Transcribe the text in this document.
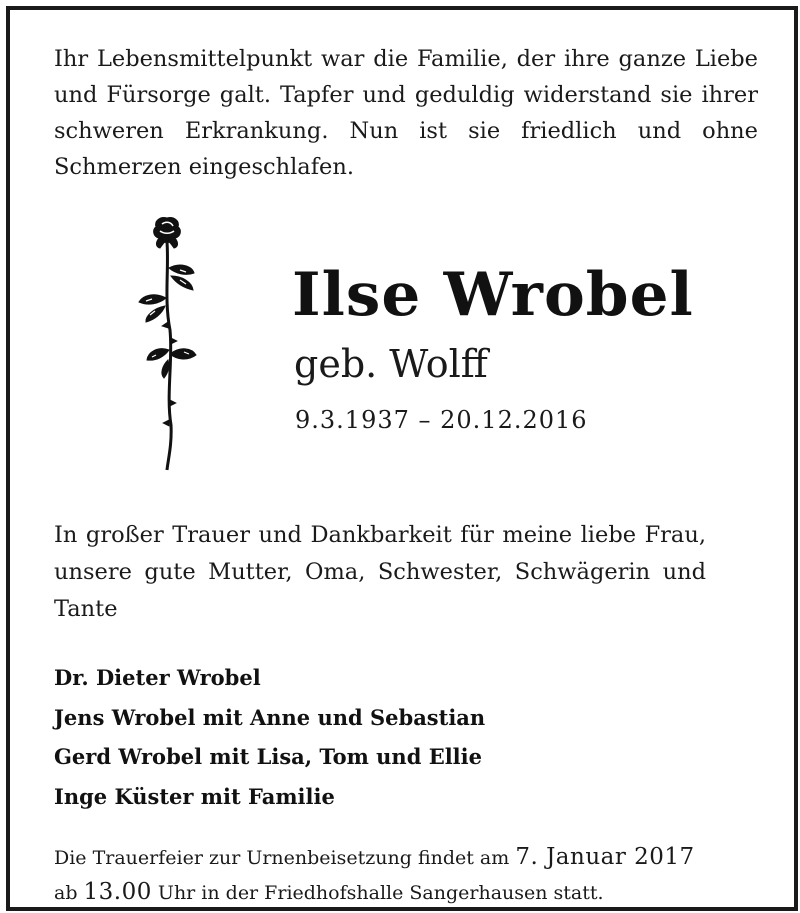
Ihr Lebensmittelpunkt war die Familie, der ihre ganze Liebe und Fürsorge galt. Tapfer und geduldig widerstand sie ihrer schweren Erkrankung. Nun ist sie friedlich und ohne Schmerzen eingeschlafen.

Ilse Wrobel

geb. Wolff

9.3.1937 – 20.12.2016

In großer Trauer und Dankbarkeit für meine liebe Frau, unsere gute Mutter, Oma, Schwester, Schwägerin und Tante

Dr. Dieter Wrobel
Jens Wrobel mit Anne und Sebastian
Gerd Wrobel mit Lisa, Tom und Ellie
Inge Küster mit Familie

Die Trauerfeier zur Urnenbeisetzung findet am 7. Januar 2017
ab 13.00 Uhr in der Friedhofshalle Sangerhausen statt.
